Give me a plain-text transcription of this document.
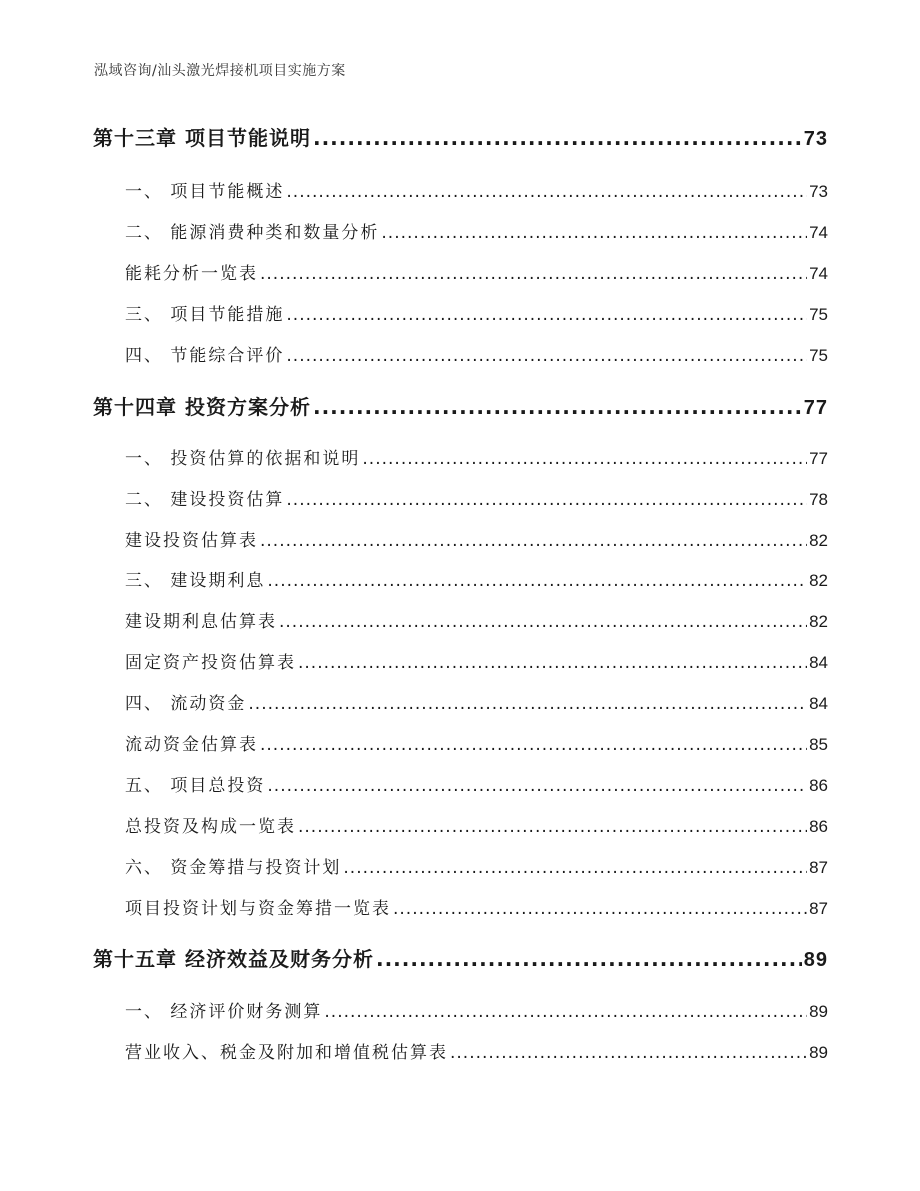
泓域咨询/汕头激光焊接机项目实施方案
第十三章 项目节能说明 .....	73
一、 项目节能概述 .....	73
二、 能源消费种类和数量分析 .....	74
能耗分析一览表 .....	74
三、 项目节能措施 .....	75
四、 节能综合评价 .....	75
第十四章 投资方案分析 .....	77
一、 投资估算的依据和说明 .....	77
二、 建设投资估算 .....	78
建设投资估算表 .....	82
三、 建设期利息 .....	82
建设期利息估算表 .....	82
固定资产投资估算表 .....	84
四、 流动资金 .....	84
流动资金估算表 .....	85
五、 项目总投资 .....	86
总投资及构成一览表 .....	86
六、 资金筹措与投资计划 .....	87
项目投资计划与资金筹措一览表 .....	87
第十五章 经济效益及财务分析 .....	89
一、 经济评价财务测算 .....	89
营业收入、税金及附加和增值税估算表 .....	89
